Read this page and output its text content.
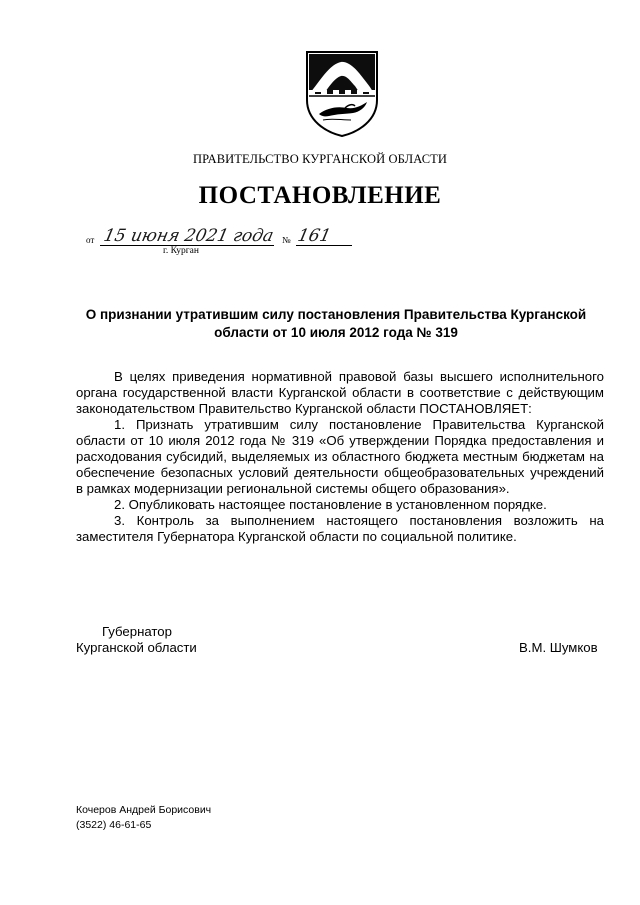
ПРАВИТЕЛЬСТВО КУРГАНСКОЙ ОБЛАСТИ
ПОСТАНОВЛЕНИЕ
от 15 июня 2021 года № 161
г. Курган
О признании утратившим силу постановления Правительства Курганской области от 10 июля 2012 года № 319

В целях приведения нормативной правовой базы высшего исполнительного органа государственной власти Курганской области в соответствие с действующим законодательством Правительство Курганской области ПОСТАНОВЛЯЕТ:

1. Признать утратившим силу постановление Правительства Курганской области от 10 июля 2012 года № 319 «Об утверждении Порядка предоставления и расходования субсидий, выделяемых из областного бюджета местным бюджетам на обеспечение безопасных условий деятельности общеобразовательных учреждений в рамках модернизации региональной системы общего образования».

2. Опубликовать настоящее постановление в установленном порядке.

3. Контроль за выполнением настоящего постановления возложить на заместителя Губернатора Курганской области по социальной политике.

Губернатор
Курганской области	В.М. Шумков
Кочеров Андрей Борисович
(3522) 46-61-65
